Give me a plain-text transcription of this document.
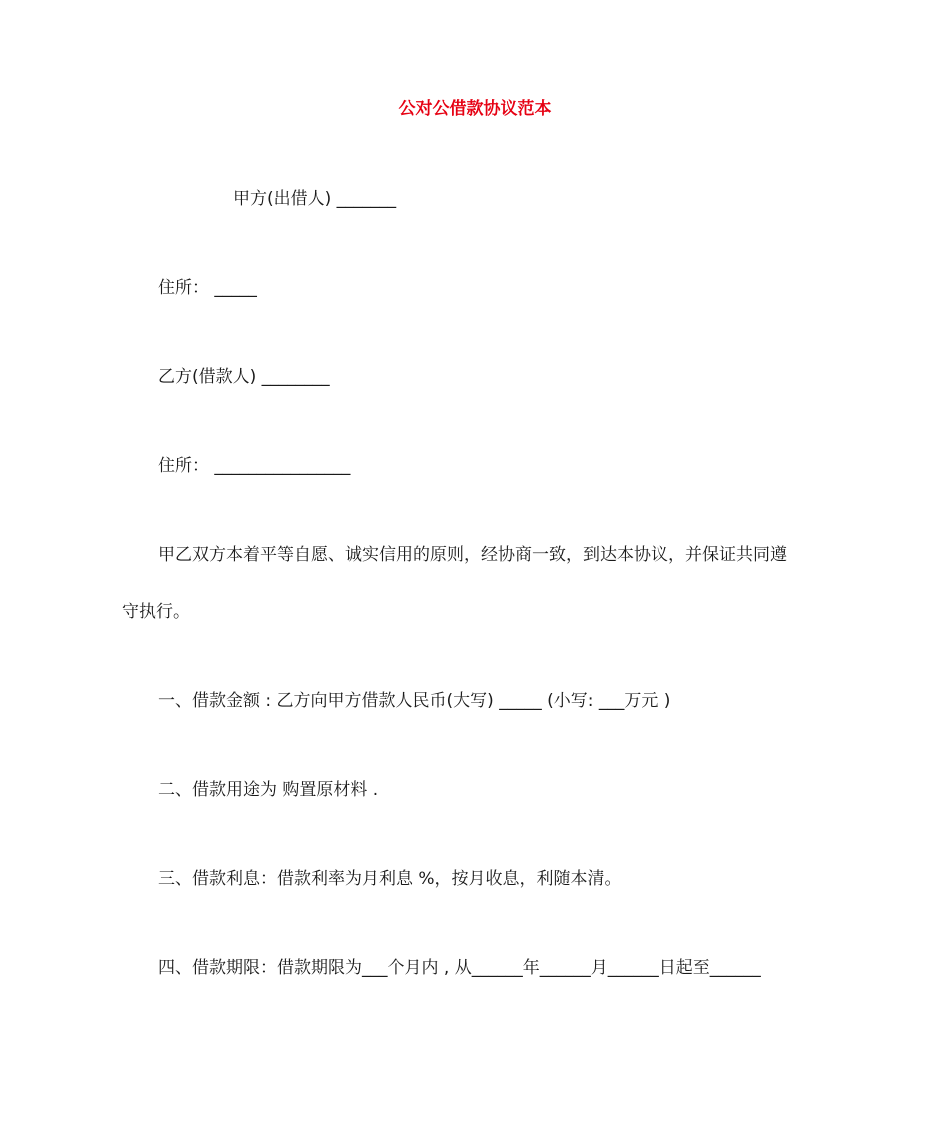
公对公借款协议范本
甲方(出借人) _______
住所： _____
乙方(借款人) ________
住所： ________________
甲乙双方本着平等自愿、诚实信用的原则，经协商一致，到达本协议，并保证共同遵
守执行。
一、借款金额 : 乙方向甲方借款人民币(大写) _____ (小写: ___万元 )
二、借款用途为 购置原材料 .
三、借款利息：借款利率为月利息 %，按月收息，利随本清。
四、借款期限：借款期限为___个月内 , 从______年______月______日起至______
